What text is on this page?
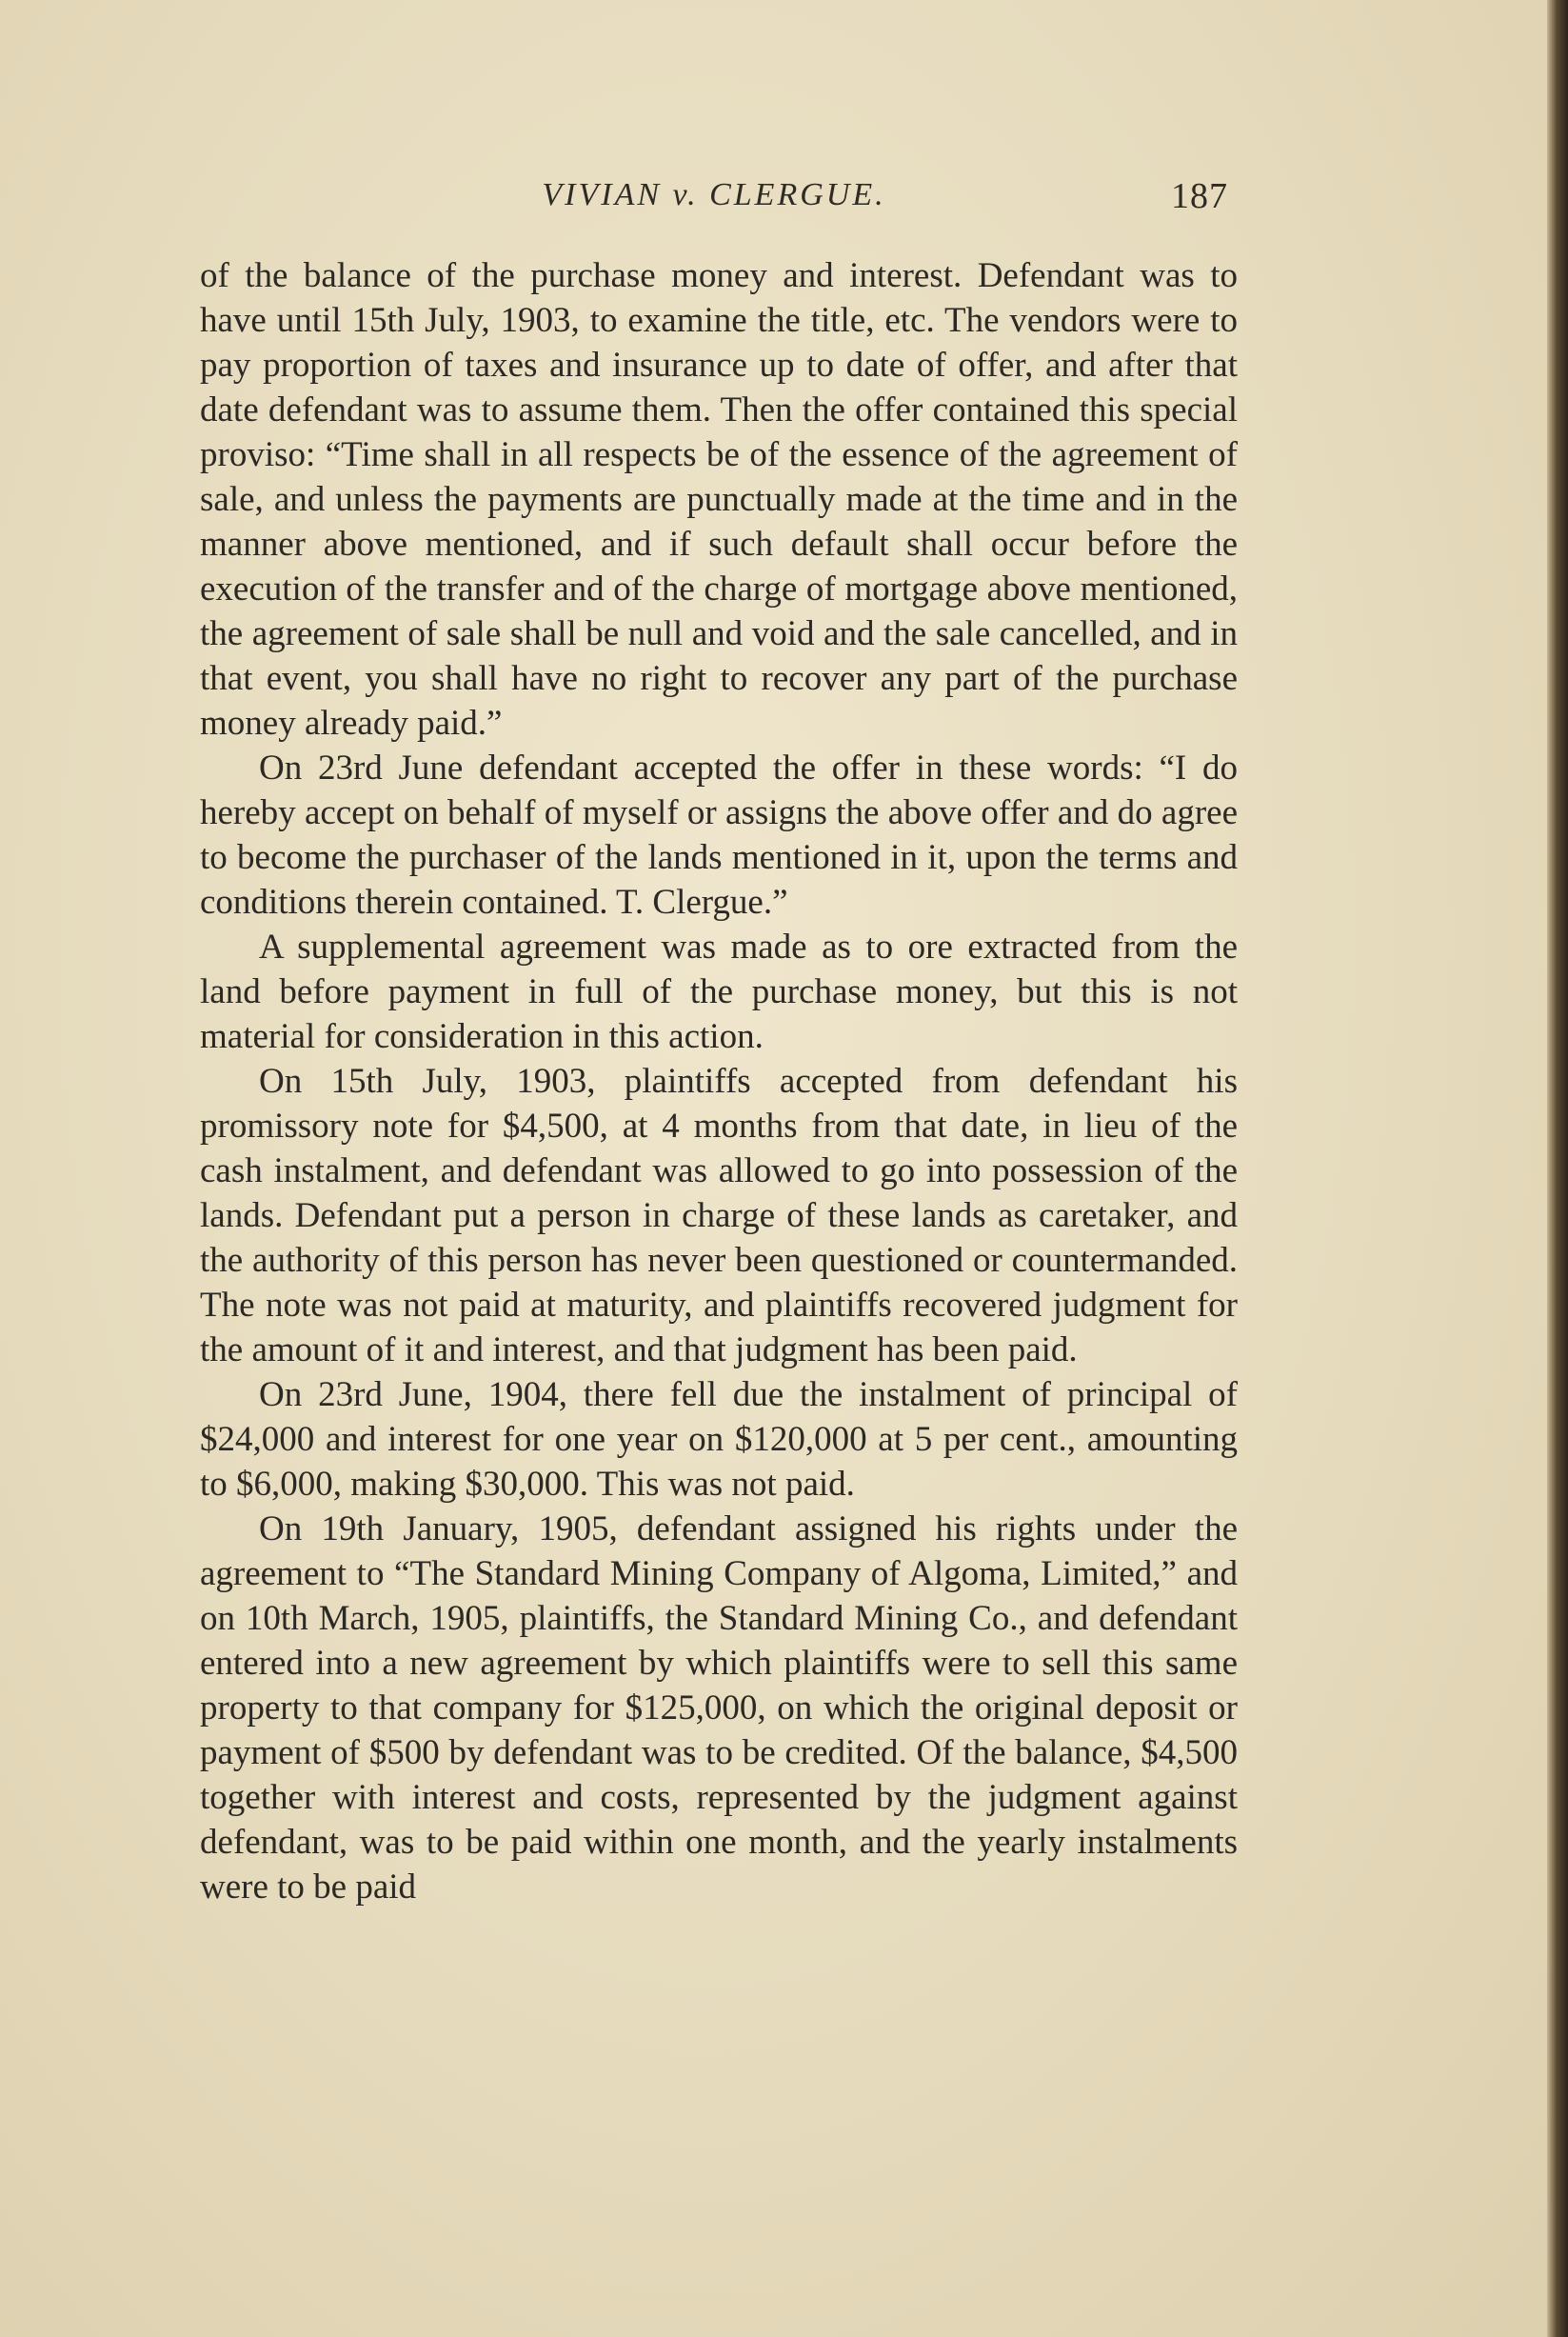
VIVIAN v. CLERGUE.	187

of the balance of the purchase money and interest. Defendant was to have until 15th July, 1903, to examine the title, etc. The vendors were to pay proportion of taxes and insurance up to date of offer, and after that date defendant was to assume them. Then the offer contained this special proviso: “Time shall in all respects be of the essence of the agreement of sale, and unless the payments are punctually made at the time and in the manner above mentioned, and if such default shall occur before the execution of the transfer and of the charge of mortgage above mentioned, the agreement of sale shall be null and void and the sale cancelled, and in that event, you shall have no right to recover any part of the purchase money already paid.”

On 23rd June defendant accepted the offer in these words: “I do hereby accept on behalf of myself or assigns the above offer and do agree to become the purchaser of the lands mentioned in it, upon the terms and conditions therein contained. T. Clergue.”

A supplemental agreement was made as to ore extracted from the land before payment in full of the purchase money, but this is not material for consideration in this action.

On 15th July, 1903, plaintiffs accepted from defendant his promissory note for $4,500, at 4 months from that date, in lieu of the cash instalment, and defendant was allowed to go into possession of the lands. Defendant put a person in charge of these lands as caretaker, and the authority of this person has never been questioned or countermanded. The note was not paid at maturity, and plaintiffs recovered judgment for the amount of it and interest, and that judgment has been paid.

On 23rd June, 1904, there fell due the instalment of principal of $24,000 and interest for one year on $120,000 at 5 per cent., amounting to $6,000, making $30,000. This was not paid.

On 19th January, 1905, defendant assigned his rights under the agreement to “The Standard Mining Company of Algoma, Limited,” and on 10th March, 1905, plaintiffs, the Standard Mining Co., and defendant entered into a new agreement by which plaintiffs were to sell this same property to that company for $125,000, on which the original deposit or payment of $500 by defendant was to be credited. Of the balance, $4,500 together with interest and costs, represented by the judgment against defendant, was to be paid within one month, and the yearly instalments were to be paid
